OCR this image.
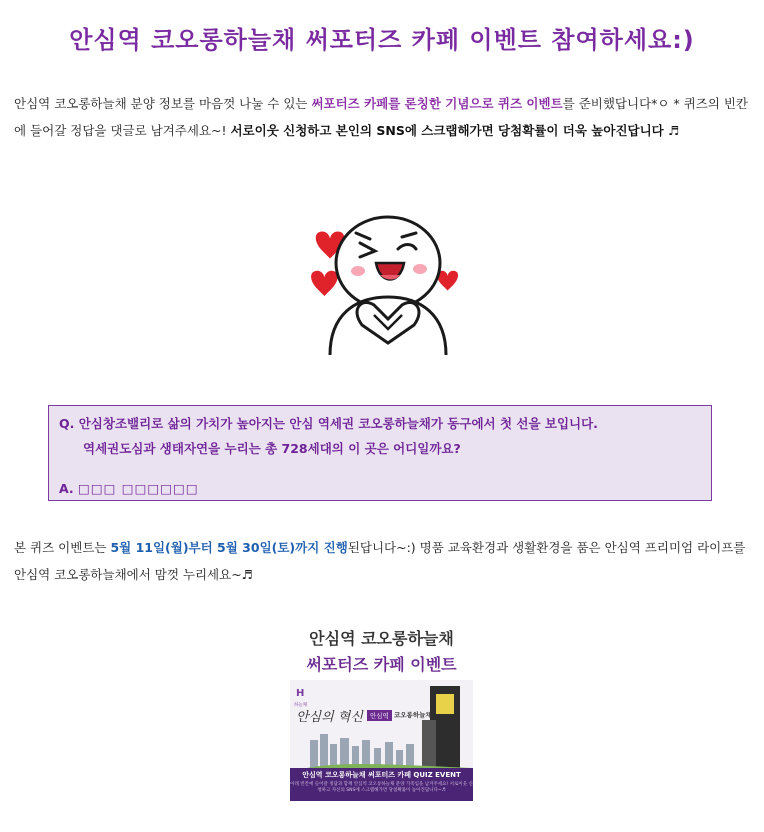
안심역 코오롱하늘채 써포터즈 카페 이벤트 참여하세요:)
안심역 코오롱하늘채 분양 정보를 마음껏 나눌 수 있는 써포터즈 카페를 론칭한 기념으로 퀴즈 이벤트를 준비했답니다*ㅇ * 퀴즈의 빈칸에 들어갈 정답을 댓글로 남겨주세요~! 서로이웃 신청하고 본인의 SNS에 스크랩해가면 당첨확률이 더욱 높아진답니다 ♬
Q. 안심창조밸리로 삶의 가치가 높아지는 안심 역세권 코오롱하늘채가 동구에서 첫 선을 보입니다.
역세권도심과 생태자연을 누리는 총 728세대의 이 곳은 어디일까요?
A. □□□ □□□□□□
본 퀴즈 이벤트는 5월 11일(월)부터 5월 30일(토)까지 진행된답니다~:) 명품 교육환경과 생활환경을 품은 안심역 프리미엄 라이프를 안심역 코오롱하늘채에서 맘껏 누리세요~♬
안심역 코오롱하늘채
써포터즈 카페 이벤트
H
하늘채
안심의 혁신	안심역 코오롱하늘채
안심역 코오롱하늘채 써포터즈 카페 QUIZ EVENT
아래 빈칸에 들어갈 정답과 함께 안심역 코오롱하늘채 분양 가족임을 남겨주세요! 서로이웃 신청하고 자신의 SNS에 스크랩해가면 당첨확률이 높아진답니다~♬
